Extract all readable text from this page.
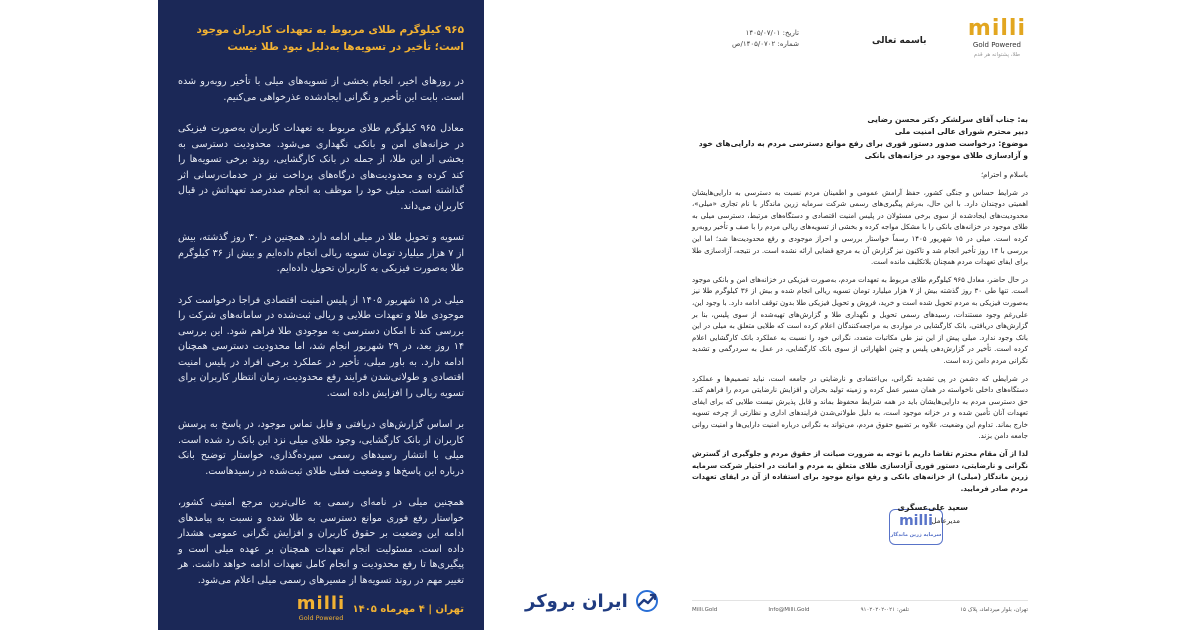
۹۶۵ کیلوگرم طلای مربوط به تعهدات کاربران موجود است؛ تأخیر در تسویه‌ها به‌دلیل نبود طلا نیست

در روزهای اخیر، انجام بخشی از تسویه‌های میلی با تأخیر روبه‌رو شده است. بابت این تأخیر و نگرانی ایجادشده عذرخواهی می‌کنیم.

معادل ۹۶۵ کیلوگرم طلای مربوط به تعهدات کاربران به‌صورت فیزیکی در خزانه‌های امن و بانکی نگهداری می‌شود. محدودیت دسترسی به بخشی از این طلا، از جمله در بانک کارگشایی، روند برخی تسویه‌ها را کند کرده و محدودیت‌های درگاه‌های پرداخت نیز در خدمات‌رسانی اثر گذاشته است. میلی خود را موظف به انجام صددرصد تعهداتش در قبال کاربران می‌داند.

تسویه و تحویل طلا در میلی ادامه دارد. همچنین در ۳۰ روز گذشته، بیش از ۷ هزار میلیارد تومان تسویه ریالی انجام داده‌ایم و بیش از ۳۶ کیلوگرم طلا به‌صورت فیزیکی به کاربران تحویل داده‌ایم.

میلی در ۱۵ شهریور ۱۴۰۵ از پلیس امنیت اقتصادی فراجا درخواست کرد موجودی طلا و تعهدات طلایی و ریالی ثبت‌شده در سامانه‌های شرکت را بررسی کند تا امکان دسترسی به موجودی طلا فراهم شود. این بررسی ۱۴ روز بعد، در ۲۹ شهریور انجام شد، اما محدودیت دسترسی همچنان ادامه دارد. به باور میلی، تأخیر در عملکرد برخی افراد در پلیس امنیت اقتصادی و طولانی‌شدن فرایند رفع محدودیت، زمان انتظار کاربران برای تسویه ریالی را افزایش داده است.

بر اساس گزارش‌های دریافتی و قابل تماس موجود، در پاسخ به پرسش کاربران از بانک کارگشایی، وجود طلای میلی نزد این بانک رد شده است. میلی با انتشار رسیدهای رسمی سپرده‌گذاری، خواستار توضیح بانک درباره این پاسخ‌ها و وضعیت فعلی طلای ثبت‌شده در رسیدهاست.

همچنین میلی در نامه‌ای رسمی به عالی‌ترین مرجع امنیتی کشور، خواستار رفع فوری موانع دسترسی به طلا شده و نسبت به پیامدهای ادامه این وضعیت بر حقوق کاربران و افزایش نگرانی عمومی هشدار داده است. مسئولیت انجام تعهدات همچنان بر عهده میلی است و پیگیری‌ها تا رفع محدودیت و انجام کامل تعهدات ادامه خواهد داشت. هر تغییر مهم در روند تسویه‌ها از مسیرهای رسمی میلی اعلام می‌شود.

تهران | ۴ مهرماه ۱۴۰۵
milli
Gold Powered
ایران بروکر
milli
Gold Powered
طلا، پشتوانه هر قدم
باسمه تعالی
تاریخ: ۱۴۰۵/۰۷/۰۱
شماره: ۱۴۰۵/۰۷۰۲/ص
به: جناب آقای سرلشکر دکتر محسن رضایی
دبیر محترم شورای عالی امنیت ملی
موضوع: درخواست صدور دستور فوری برای رفع موانع دسترسی مردم به دارایی‌های خود و آزادسازی طلای موجود در خزانه‌های بانکی

باسلام و احترام؛

در شرایط حساس و جنگی کشور، حفظ آرامش عمومی و اطمینان مردم نسبت به دسترسی به دارایی‌هایشان اهمیتی دوچندان دارد. با این حال، به‌رغم پیگیری‌های رسمی شرکت سرمایه زرین ماندگار با نام تجاری «میلی»، محدودیت‌های ایجادشده از سوی برخی مسئولان در پلیس امنیت اقتصادی و دستگاه‌های مرتبط، دسترسی میلی به طلای موجود در خزانه‌های بانکی را با مشکل مواجه کرده و بخشی از تسویه‌های ریالی مردم را با صف و تأخیر روبه‌رو کرده است. میلی در ۱۵ شهریور ۱۴۰۵ رسماً خواستار بررسی و احراز موجودی و رفع محدودیت‌ها شد؛ اما این بررسی با ۱۴ روز تأخیر انجام شد و تاکنون نیز گزارش آن به مرجع قضایی ارائه نشده است. در نتیجه، آزادسازی طلا برای ایفای تعهدات مردم همچنان بلاتکلیف مانده است.

در حال حاضر، معادل ۹۶۵ کیلوگرم طلای مربوط به تعهدات مردم، به‌صورت فیزیکی در خزانه‌های امن و بانکی موجود است. تنها طی ۳۰ روز گذشته بیش از ۷ هزار میلیارد تومان تسویه ریالی انجام شده و بیش از ۳۶ کیلوگرم طلا نیز به‌صورت فیزیکی به مردم تحویل شده است و خرید، فروش و تحویل فیزیکی طلا بدون توقف ادامه دارد. با وجود این، علی‌رغم وجود مستندات، رسیدهای رسمی تحویل و نگهداری طلا و گزارش‌های تهیه‌شده از سوی پلیس، بنا بر گزارش‌های دریافتی، بانک کارگشایی در مواردی به مراجعه‌کنندگان اعلام کرده است که طلایی متعلق به میلی در این بانک وجود ندارد. میلی پیش از این نیز طی مکاتبات متعدد، نگرانی خود را نسبت به عملکرد بانک کارگشایی اعلام کرده است. تأخیر در گزارش‌دهی پلیس و چنین اظهاراتی از سوی بانک کارگشایی، در عمل به سردرگمی و تشدید نگرانی مردم دامن زده است.

در شرایطی که دشمن در پی تشدید نگرانی، بی‌اعتمادی و نارضایتی در جامعه است، نباید تصمیم‌ها و عملکرد دستگاه‌های داخلی ناخواسته در همان مسیر عمل کرده و زمینه تولید بحران و افزایش نارضایتی مردم را فراهم کند. حق دسترسی مردم به دارایی‌هایشان باید در همه شرایط محفوظ بماند و قابل پذیرش نیست طلایی که برای ایفای تعهدات آنان تأمین شده و در خزانه موجود است، به دلیل طولانی‌شدن فرایندهای اداری و نظارتی از چرخه تسویه خارج بماند. تداوم این وضعیت، علاوه بر تضییع حقوق مردم، می‌تواند به نگرانی درباره امنیت دارایی‌ها و امنیت روانی جامعه دامن بزند.

لذا از آن مقام محترم تقاضا داریم با توجه به ضرورت صیانت از حقوق مردم و جلوگیری از گسترش نگرانی و نارضایتی، دستور فوری آزادسازی طلای متعلق به مردم و امانت در اختیار شرکت سرمایه زرین ماندگار (میلی) از خزانه‌های بانکی و رفع موانع موجود برای استفاده از آن در ایفای تعهدات مردم صادر فرمایید.

milli
سرمایه زرین ماندگار
سعید علی‌عسگری
مدیرعامل
Milli.Gold	Info@Milli.Gold	تلفن: ۰۲۱-۹۱۰۲۰۲۰۲	تهران، بلوار میرداماد، پلاک ۱۵
